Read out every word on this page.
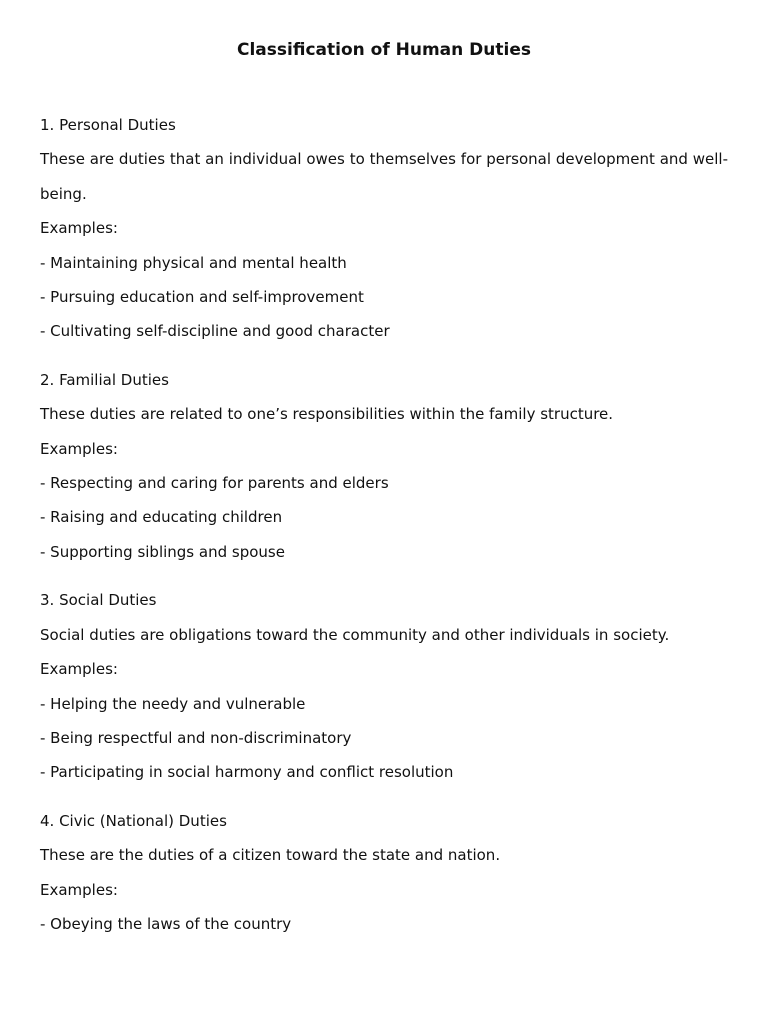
Classification of Human Duties
1. Personal Duties
These are duties that an individual owes to themselves for personal development and well-being.
Examples:
- Maintaining physical and mental health
- Pursuing education and self-improvement
- Cultivating self-discipline and good character
2. Familial Duties
These duties are related to one’s responsibilities within the family structure.
Examples:
- Respecting and caring for parents and elders
- Raising and educating children
- Supporting siblings and spouse
3. Social Duties
Social duties are obligations toward the community and other individuals in society.
Examples:
- Helping the needy and vulnerable
- Being respectful and non-discriminatory
- Participating in social harmony and conflict resolution
4. Civic (National) Duties
These are the duties of a citizen toward the state and nation.
Examples:
- Obeying the laws of the country
